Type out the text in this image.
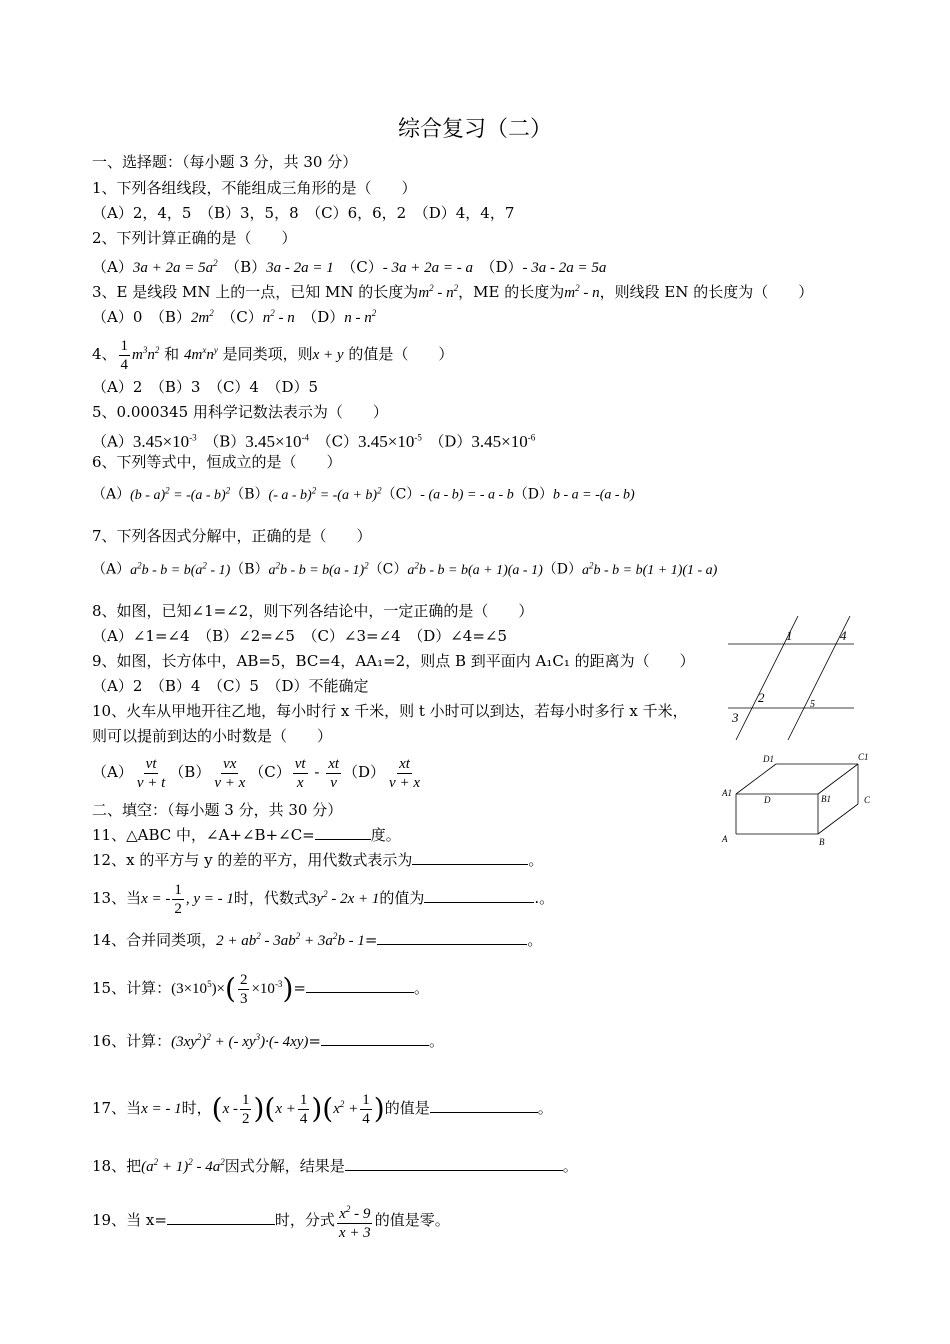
综合复习（二）
一、选择题：（每小题 3 分，共 30 分）
1、下列各组线段，不能组成三角形的是（　　）
（A）2，4，5　（B）3，5，8　（C）6，6，2　（D）4，4，7
2、下列计算正确的是（　　）
$(A)3a + 2a = 5a^2$　（B）3a - 2a = 1　（C）- 3a + 2a = - a　（D）- 3a - 2a = 5a
3、E 是线段 MN 上的一点，已知 MN 的长度为$m^2 - n^2$，ME 的长度为$m^2$ - n，则线段 EN 的长度为（　　）
（A）0　$(B)2m^2$　 $(C)n^2$ - n　 $(D)n - n^2$
4、 $\frac{1}{4} m^3n^2$ 和 $4m^xn^y$ 是同类项，则x + y 的值是（　　）
（A）2　（B）3　（C）4　（D）5
5、0.000345 用科学记数法表示为（　　）
$(A)3.45\times 10^{-3}$　$(B)3.45\times 10^{-4}$　$(C)3.45\times 10^{-5}$　$(D)3.45\times 10^{-6}$
6、下列等式中，恒成立的是（　　）
（A）(b - a)$^2$ = -(a - b)$^2$（B）(- $a - b)^2 = -(a + b)^2(C)-$ (a - b) = - a - b（D）b - a = -(a - b)
7、下列各因式分解中，正确的是（　　）
$(A)a^2b - b = b(a^2 - 1)(B)a^2b - b = b(a - 1)^2(C)a^2b - b = b(a + 1)(a - 1)(D)a^2b - b = b(1 + 1)(1 - a)$
8、如图，已知∠1=∠2，则下列各结论中，一定正确的是（　　）
（A）∠1=∠4　（B）∠2=∠5　（C）∠3=∠4　（D）∠4=∠5
9、如图，长方体中，AB=5，BC=4，AA₁=2，则点 B 到平面内 A₁C₁ 的距离为（　　）
（A）2　（B）4　（C）5　（D）不能确定
10、火车从甲地开往乙地，每小时行 x 千米，则 t 小时可以到达，若每小时多行 x 千米，
则可以提前到达的小时数是（　　）
$(A) \frac{vt}{v + t} (B) \frac{vx}{v + x} (C) \frac{vt}{x} - \frac{xt}{v} (D) \frac{xt}{v + x}$
二、填空：（每小题 3 分，共 30 分）
11、△ABC 中，∠A+∠B+∠C=	度。
12、x 的平方与 y 的差的平方，用代数式表示为	。
13、当x = - $\frac{1}{2}$ , y = - 1时，代数式$3y^2 - 2x + 1$的值为	.。
14、合并同类项，$2 + ab^2 - 3ab^2 + 3a^2b - 1=$	。
15、计算：$(3\times 10^5)\times( \frac{2}{3} \times 10^{-3})=$	。
16、计算：$(3xy^2)^2$ + (- $xy^3)\cdot(-$ 4xy)=	。
17、当x = - 1时，$(x - \frac{1}{2} )(x + \frac{1}{4} )(x^2 + \frac{1}{4}$ )的值是	。
18、把$(a^2 + 1)^2 - 4a^2$因式分解，结果是	。
19、当 x=	时，分式 $\frac{x^2 - 9}{x + 3}$ 的值是零。
1	4
2	5
3
D1	C1
A1
D	B1	C
A	B
